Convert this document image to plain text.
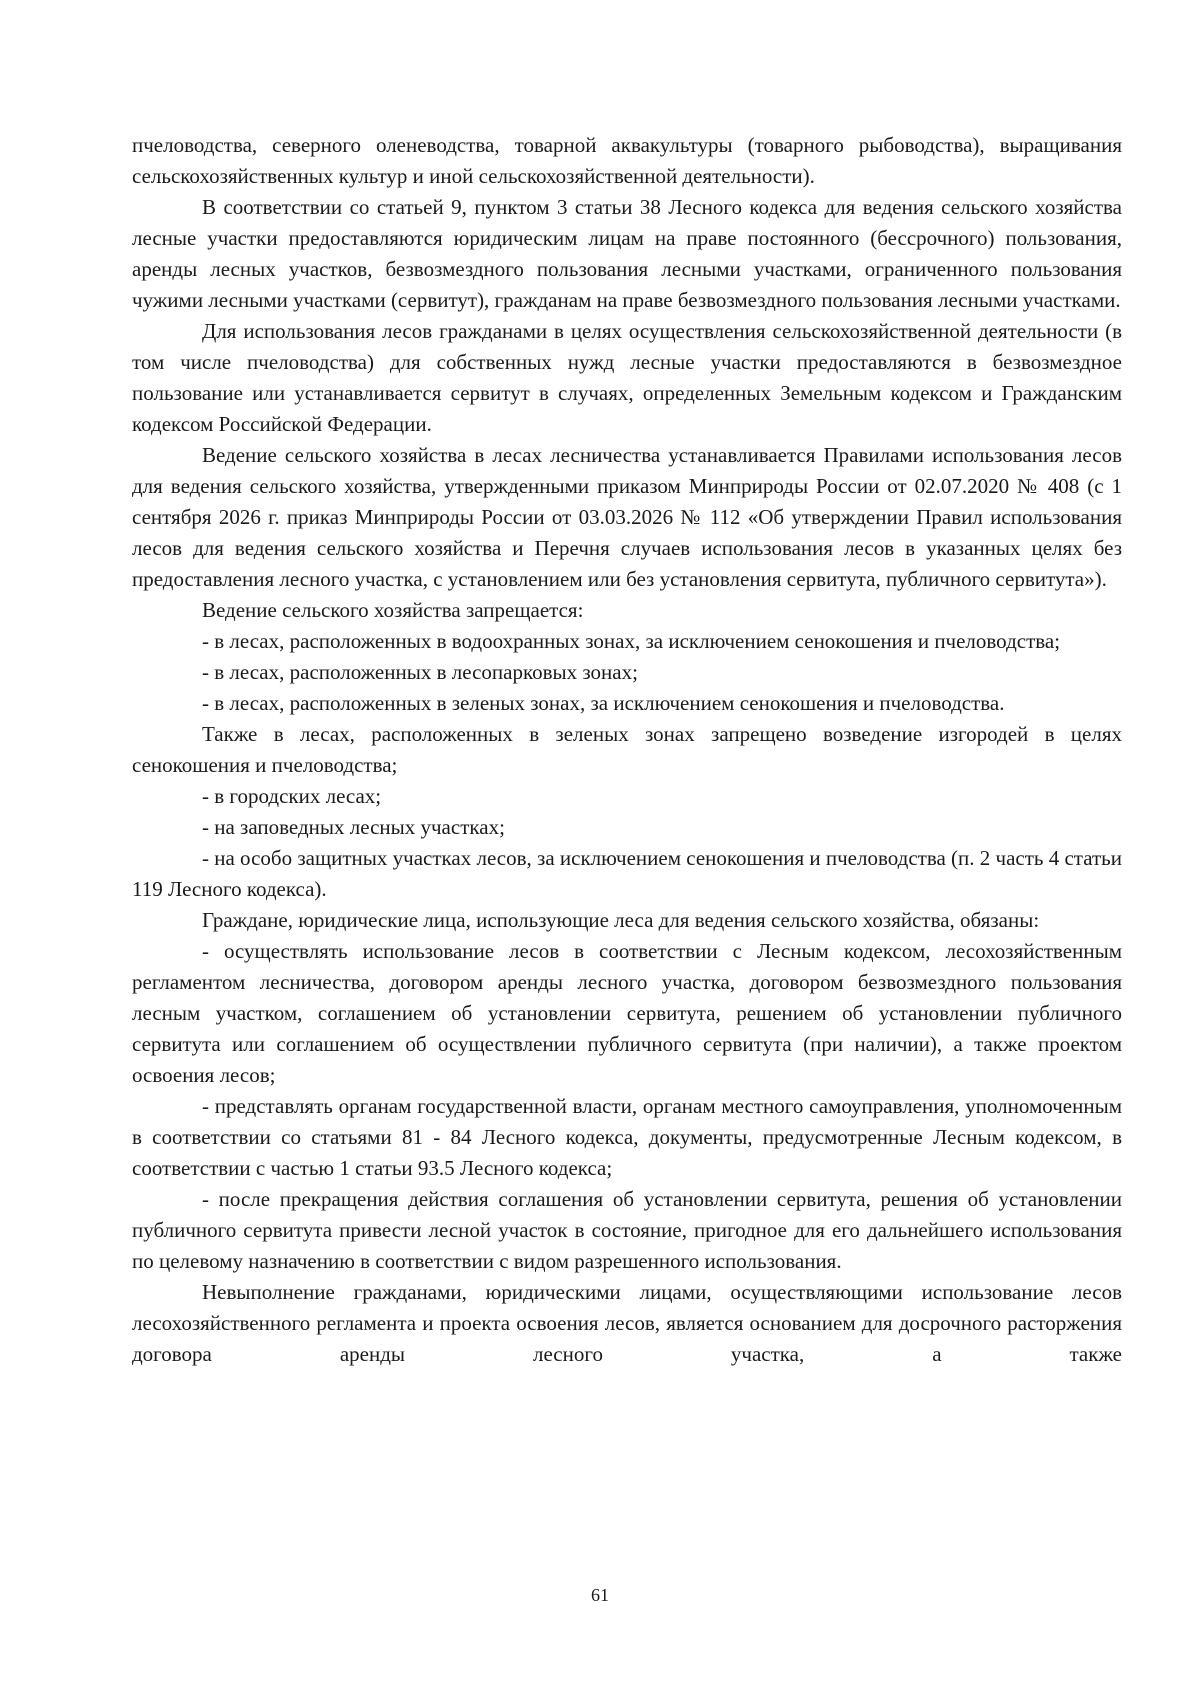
пчеловодства, северного оленеводства, товарной аквакультуры (товарного рыбоводства), выращивания сельскохозяйственных культур и иной сельскохозяйственной деятельности).

В соответствии со статьей 9, пунктом 3 статьи 38 Лесного кодекса для ведения сельского хозяйства лесные участки предоставляются юридическим лицам на праве постоянного (бессрочного) пользования, аренды лесных участков, безвозмездного пользования лесными участками, ограниченного пользования чужими лесными участками (сервитут), гражданам на праве безвозмездного пользования лесными участками.

Для использования лесов гражданами в целях осуществления сельскохозяйственной деятельности (в том числе пчеловодства) для собственных нужд лесные участки предоставляются в безвозмездное пользование или устанавливается сервитут в случаях, определенных Земельным кодексом и Гражданским кодексом Российской Федерации.

Ведение сельского хозяйства в лесах лесничества устанавливается Правилами использования лесов для ведения сельского хозяйства, утвержденными приказом Минприроды России от 02.07.2020 № 408 (с 1 сентября 2026 г. приказ Минприроды России от 03.03.2026 № 112 «Об утверждении Правил использования лесов для ведения сельского хозяйства и Перечня случаев использования лесов в указанных целях без предоставления лесного участка, с установлением или без установления сервитута, публичного сервитута»).

Ведение сельского хозяйства запрещается:

- в лесах, расположенных в водоохранных зонах, за исключением сенокошения и пчеловодства;

- в лесах, расположенных в лесопарковых зонах;

- в лесах, расположенных в зеленых зонах, за исключением сенокошения и пчеловодства.

Также в лесах, расположенных в зеленых зонах запрещено возведение изгородей в целях сенокошения и пчеловодства;

- в городских лесах;

- на заповедных лесных участках;

- на особо защитных участках лесов, за исключением сенокошения и пчеловодства (п. 2 часть 4 статьи 119 Лесного кодекса).

Граждане, юридические лица, использующие леса для ведения сельского хозяйства, обязаны:

- осуществлять использование лесов в соответствии с Лесным кодексом, лесохозяйственным регламентом лесничества, договором аренды лесного участка, договором безвозмездного пользования лесным участком, соглашением об установлении сервитута, решением об установлении публичного сервитута или соглашением об осуществлении публичного сервитута (при наличии), а также проектом освоения лесов;

- представлять органам государственной власти, органам местного самоуправления, уполномоченным в соответствии со статьями 81 - 84 Лесного кодекса, документы, предусмотренные Лесным кодексом, в соответствии с частью 1 статьи 93.5 Лесного кодекса;

- после прекращения действия соглашения об установлении сервитута, решения об установлении публичного сервитута привести лесной участок в состояние, пригодное для его дальнейшего использования по целевому назначению в соответствии с видом разрешенного использования.

Невыполнение гражданами, юридическими лицами, осуществляющими использование лесов лесохозяйственного регламента и проекта освоения лесов, является основанием для досрочного расторжения договора аренды лесного участка, а также

61
